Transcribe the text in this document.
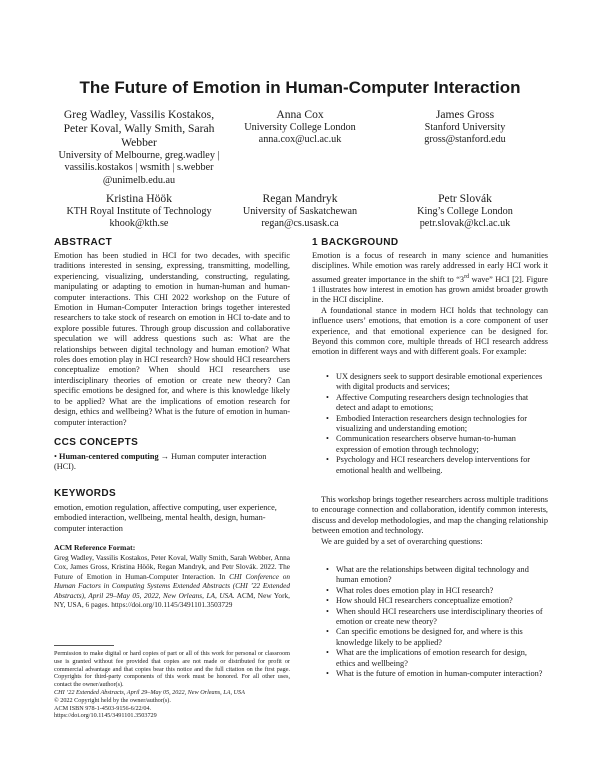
The Future of Emotion in Human-Computer Interaction
Greg Wadley, Vassilis Kostakos, Peter Koval, Wally Smith, Sarah Webber
University of Melbourne, greg.wadley | vassilis.kostakos | wsmith | s.webber @unimelb.edu.au
Anna Cox
University College London
anna.cox@ucl.ac.uk
James Gross
Stanford University
gross@stanford.edu
Kristina Höök
KTH Royal Institute of Technology
khook@kth.se
Regan Mandryk
University of Saskatchewan
regan@cs.usask.ca
Petr Slovák
King’s College London
petr.slovak@kcl.ac.uk
ABSTRACT
Emotion has been studied in HCI for two decades, with specific traditions interested in sensing, expressing, transmitting, modelling, experiencing, visualizing, understanding, constructing, regulating, manipulating or adapting to emotion in human-human and human-computer interactions. This CHI 2022 workshop on the Future of Emotion in Human-Computer Interaction brings together interested researchers to take stock of research on emotion in HCI to-date and to explore possible futures. Through group discussion and collaborative speculation we will address questions such as: What are the relationships between digital technology and human emotion? What roles does emotion play in HCI research? How should HCI researchers conceptualize emotion? When should HCI researchers use interdisciplinary theories of emotion or create new theory? Can specific emotions be designed for, and where is this knowledge likely to be applied? What are the implications of emotion research for design, ethics and wellbeing? What is the future of emotion in human-computer interaction?
CCS CONCEPTS
• Human-centered computing → Human computer interaction (HCI).
KEYWORDS
emotion, emotion regulation, affective computing, user experience, embodied interaction, wellbeing, mental health, design, human-computer interaction
ACM Reference Format:
Greg Wadley, Vassilis Kostakos, Peter Koval, Wally Smith, Sarah Webber, Anna Cox, James Gross, Kristina Höök, Regan Mandryk, and Petr Slovák. 2022. The Future of Emotion in Human-Computer Interaction. In CHI Conference on Human Factors in Computing Systems Extended Abstracts (CHI ’22 Extended Abstracts), April 29–May 05, 2022, New Orleans, LA, USA. ACM, New York, NY, USA, 6 pages. https://doi.org/10.1145/3491101.3503729
Permission to make digital or hard copies of part or all of this work for personal or classroom use is granted without fee provided that copies are not made or distributed for profit or commercial advantage and that copies bear this notice and the full citation on the first page. Copyrights for third-party components of this work must be honored. For all other uses, contact the owner/author(s).
CHI ’22 Extended Abstracts, April 29–May 05, 2022, New Orleans, LA, USA
© 2022 Copyright held by the owner/author(s).
ACM ISBN 978-1-4503-9156-6/22/04.
https://doi.org/10.1145/3491101.3503729
1 BACKGROUND

Emotion is a focus of research in many science and humanities disciplines. While emotion was rarely addressed in early HCI work it assumed greater importance in the shift to “3rd wave” HCI [2]. Figure 1 illustrates how interest in emotion has grown amidst broader growth in the HCI discipline.

A foundational stance in modern HCI holds that technology can influence users’ emotions, that emotion is a core component of user experience, and that emotional experience can be designed for. Beyond this common core, multiple threads of HCI research address emotion in different ways and with different goals. For example:

• UX designers seek to support desirable emotional experiences with digital products and services;
• Affective Computing researchers design technologies that detect and adapt to emotions;
• Embodied Interaction researchers design technologies for visualizing and understanding emotion;
• Communication researchers observe human-to-human expression of emotion through technology;
• Psychology and HCI researchers develop interventions for emotional health and wellbeing.

This workshop brings together researchers across multiple traditions to encourage connection and collaboration, identify common interests, discuss and develop methodologies, and map the changing relationship between emotion and technology.

We are guided by a set of overarching questions:

• What are the relationships between digital technology and human emotion?
• What roles does emotion play in HCI research?
• How should HCI researchers conceptualize emotion?
• When should HCI researchers use interdisciplinary theories of emotion or create new theory?
• Can specific emotions be designed for, and where is this knowledge likely to be applied?
• What are the implications of emotion research for design, ethics and wellbeing?
• What is the future of emotion in human-computer interaction?
